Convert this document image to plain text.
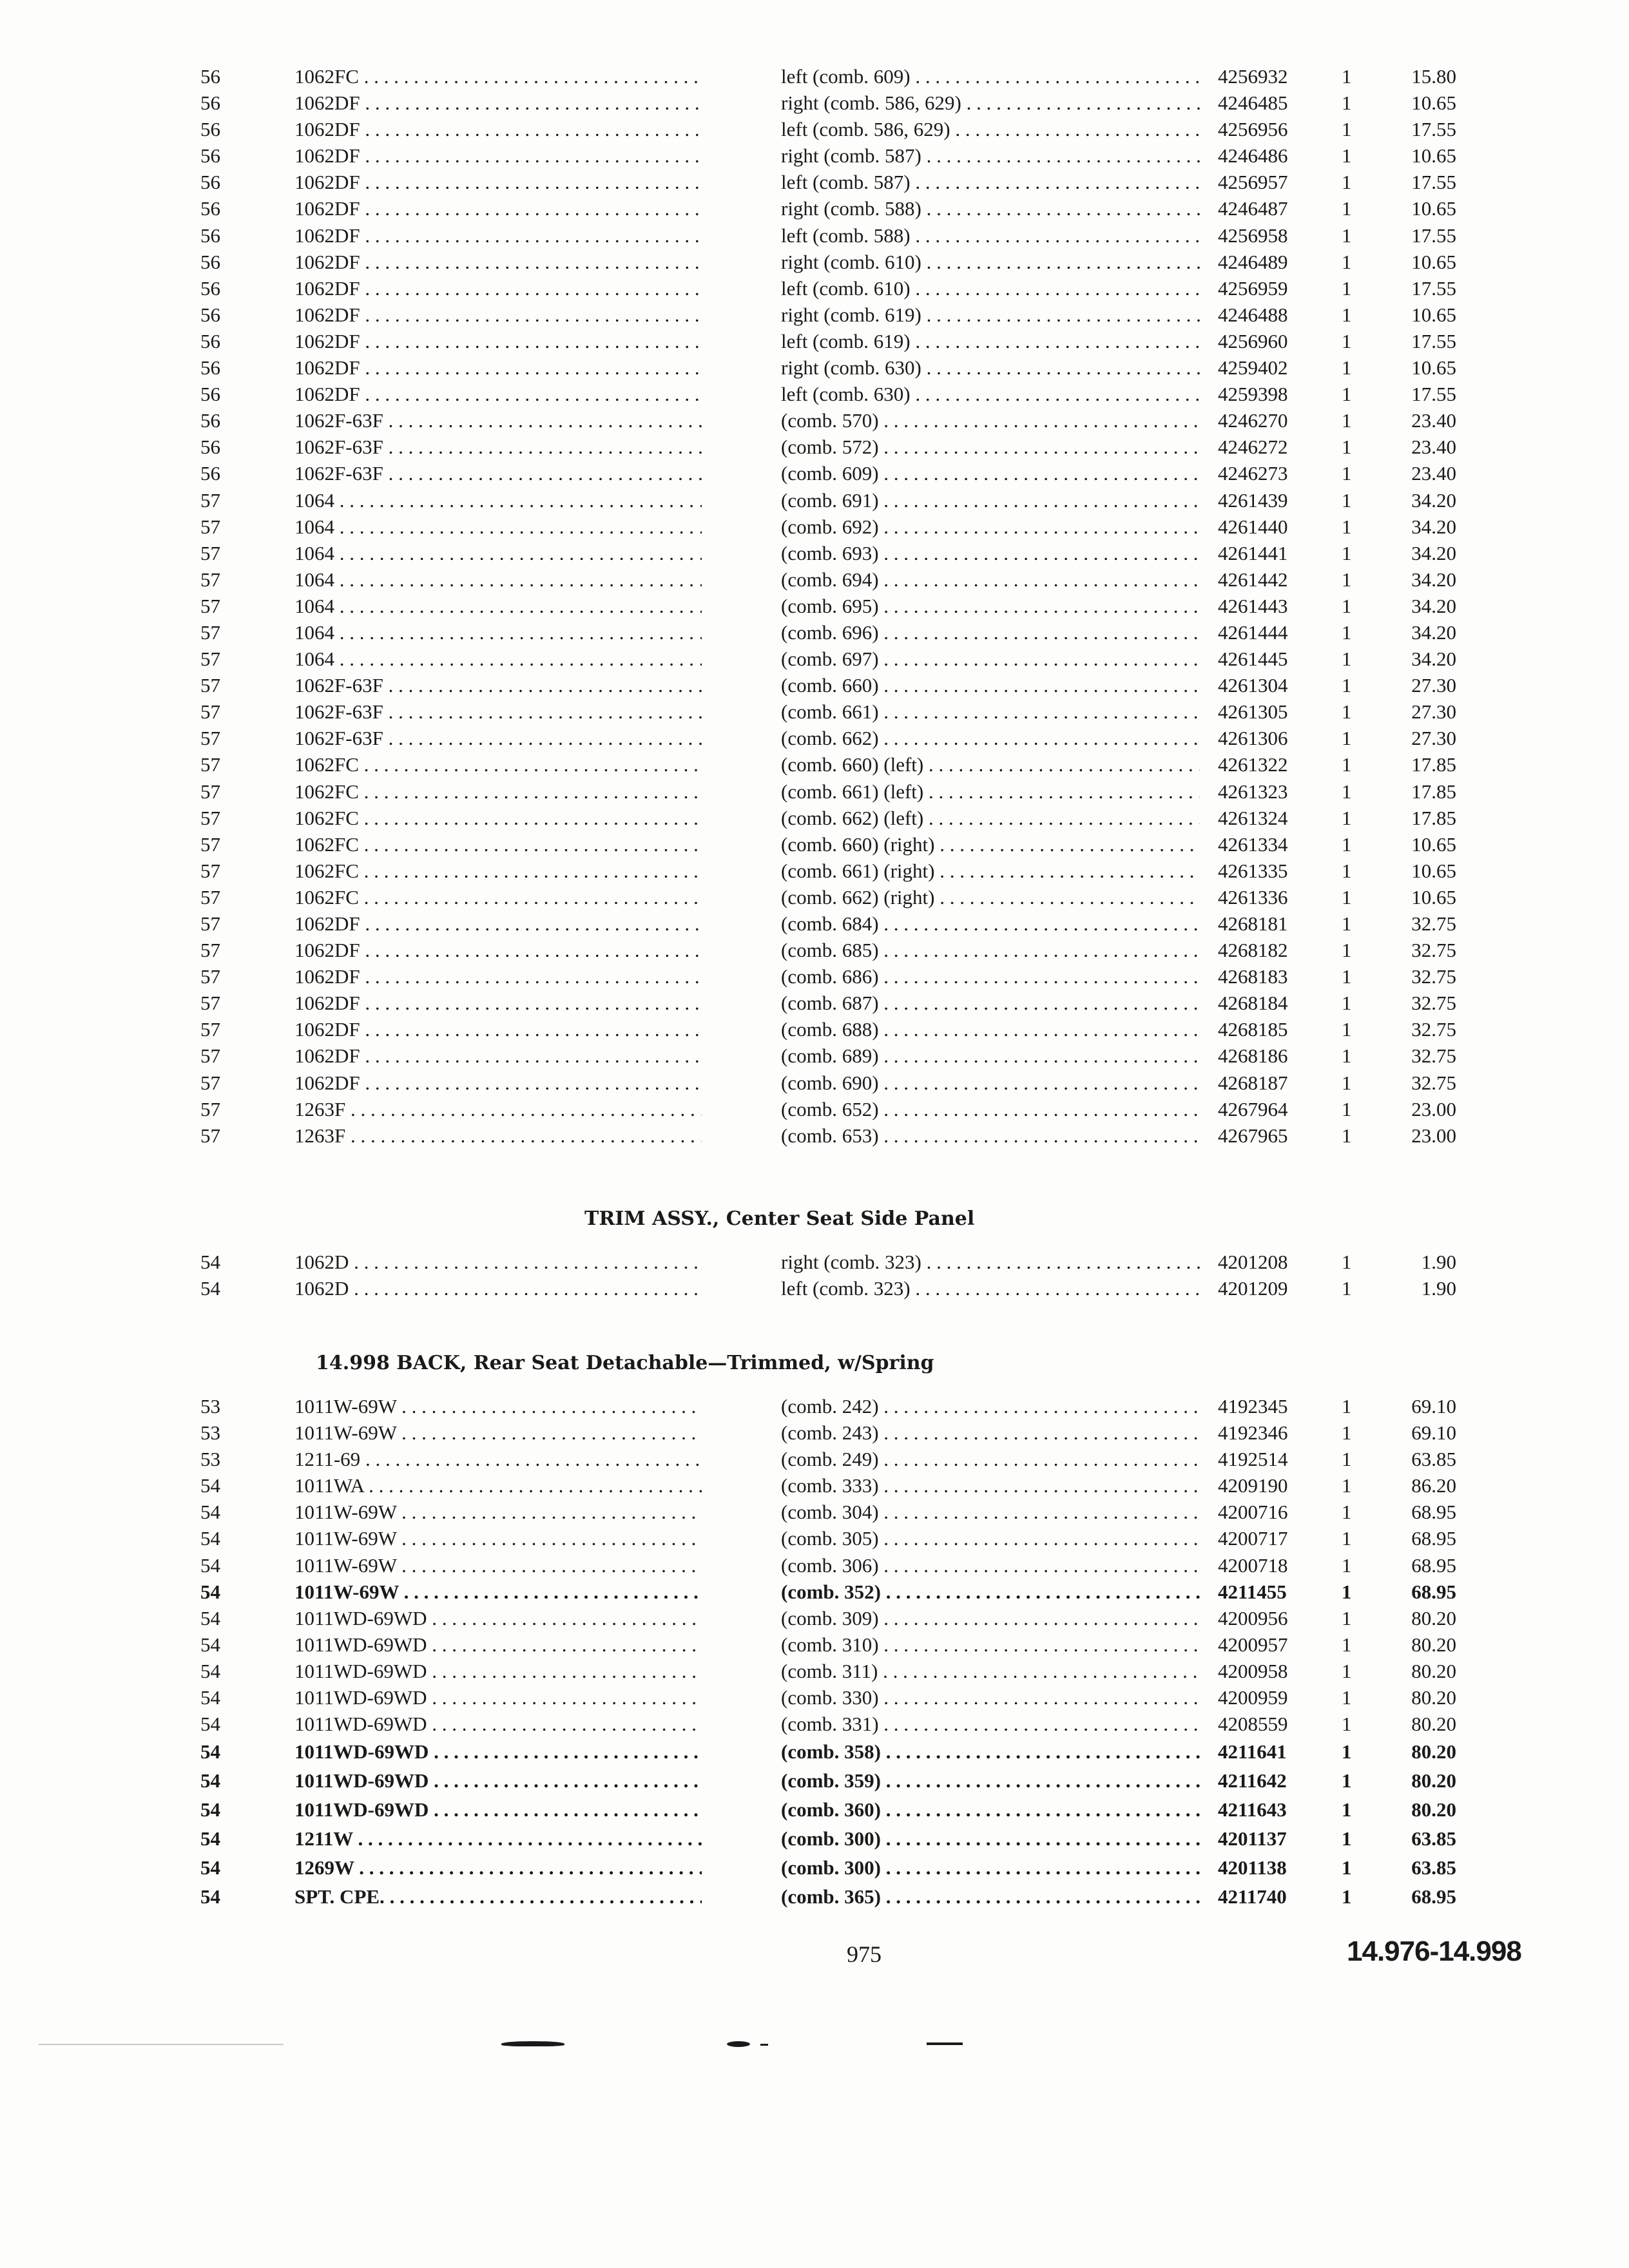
56	1062FC . . .	left (comb. 609) . . .	4256932	1	15.80
56	1062DF . . .	right (comb. 586, 629) . . .	4246485	1	10.65
56	1062DF . . .	left (comb. 586, 629) . . .	4256956	1	17.55
56	1062DF . . .	right (comb. 587) . . .	4246486	1	10.65
56	1062DF . . .	left (comb. 587) . . .	4256957	1	17.55
56	1062DF . . .	right (comb. 588) . . .	4246487	1	10.65
56	1062DF . . .	left (comb. 588) . . .	4256958	1	17.55
56	1062DF . . .	right (comb. 610) . . .	4246489	1	10.65
56	1062DF . . .	left (comb. 610) . . .	4256959	1	17.55
56	1062DF . . .	right (comb. 619) . . .	4246488	1	10.65
56	1062DF . . .	left (comb. 619) . . .	4256960	1	17.55
56	1062DF . . .	right (comb. 630) . . .	4259402	1	10.65
56	1062DF . . .	left (comb. 630) . . .	4259398	1	17.55
56	1062F-63F . . .	(comb. 570) . . .	4246270	1	23.40
56	1062F-63F . . .	(comb. 572) . . .	4246272	1	23.40
56	1062F-63F . . .	(comb. 609) . . .	4246273	1	23.40
57	1064 . . .	(comb. 691) . . .	4261439	1	34.20
57	1064 . . .	(comb. 692) . . .	4261440	1	34.20
57	1064 . . .	(comb. 693) . . .	4261441	1	34.20
57	1064 . . .	(comb. 694) . . .	4261442	1	34.20
57	1064 . . .	(comb. 695) . . .	4261443	1	34.20
57	1064 . . .	(comb. 696) . . .	4261444	1	34.20
57	1064 . . .	(comb. 697) . . .	4261445	1	34.20
57	1062F-63F . . .	(comb. 660) . . .	4261304	1	27.30
57	1062F-63F . . .	(comb. 661) . . .	4261305	1	27.30
57	1062F-63F . . .	(comb. 662) . . .	4261306	1	27.30
57	1062FC . . .	(comb. 660) (left) . . .	4261322	1	17.85
57	1062FC . . .	(comb. 661) (left) . . .	4261323	1	17.85
57	1062FC . . .	(comb. 662) (left) . . .	4261324	1	17.85
57	1062FC . . .	(comb. 660) (right) . . .	4261334	1	10.65
57	1062FC . . .	(comb. 661) (right) . . .	4261335	1	10.65
57	1062FC . . .	(comb. 662) (right) . . .	4261336	1	10.65
57	1062DF . . .	(comb. 684) . . .	4268181	1	32.75
57	1062DF . . .	(comb. 685) . . .	4268182	1	32.75
57	1062DF . . .	(comb. 686) . . .	4268183	1	32.75
57	1062DF . . .	(comb. 687) . . .	4268184	1	32.75
57	1062DF . . .	(comb. 688) . . .	4268185	1	32.75
57	1062DF . . .	(comb. 689) . . .	4268186	1	32.75
57	1062DF . . .	(comb. 690) . . .	4268187	1	32.75
57	1263F . . .	(comb. 652) . . .	4267964	1	23.00
57	1263F . . .	(comb. 653) . . .	4267965	1	23.00
TRIM ASSY., Center Seat Side Panel
54	1062D . . .	right (comb. 323) . . .	4201208	1	1.90
54	1062D . . .	left (comb. 323) . . .	4201209	1	1.90
14.998 BACK, Rear Seat Detachable—Trimmed, w/Spring
53	1011W-69W . . .	(comb. 242) . . .	4192345	1	69.10
53	1011W-69W . . .	(comb. 243) . . .	4192346	1	69.10
53	1211-69 . . .	(comb. 249) . . .	4192514	1	63.85
54	1011WA . . .	(comb. 333) . . .	4209190	1	86.20
54	1011W-69W . . .	(comb. 304) . . .	4200716	1	68.95
54	1011W-69W . . .	(comb. 305) . . .	4200717	1	68.95
54	1011W-69W . . .	(comb. 306) . . .	4200718	1	68.95
54	1011W-69W . . .	(comb. 352) . . .	4211455	1	68.95
54	1011WD-69WD . . .	(comb. 309) . . .	4200956	1	80.20
54	1011WD-69WD . . .	(comb. 310) . . .	4200957	1	80.20
54	1011WD-69WD . . .	(comb. 311) . . .	4200958	1	80.20
54	1011WD-69WD . . .	(comb. 330) . . .	4200959	1	80.20
54	1011WD-69WD . . .	(comb. 331) . . .	4208559	1	80.20
54	1011WD-69WD . . .	(comb. 358) . . .	4211641	1	80.20
54	1011WD-69WD . . .	(comb. 359) . . .	4211642	1	80.20
54	1011WD-69WD . . .	(comb. 360) . . .	4211643	1	80.20
54	1211W . . .	(comb. 300) . . .	4201137	1	63.85
54	1269W . . .	(comb. 300) . . .	4201138	1	63.85
54	SPT. CPE. . . .	(comb. 365) . . .	4211740	1	68.95
975	14.976-14.998
